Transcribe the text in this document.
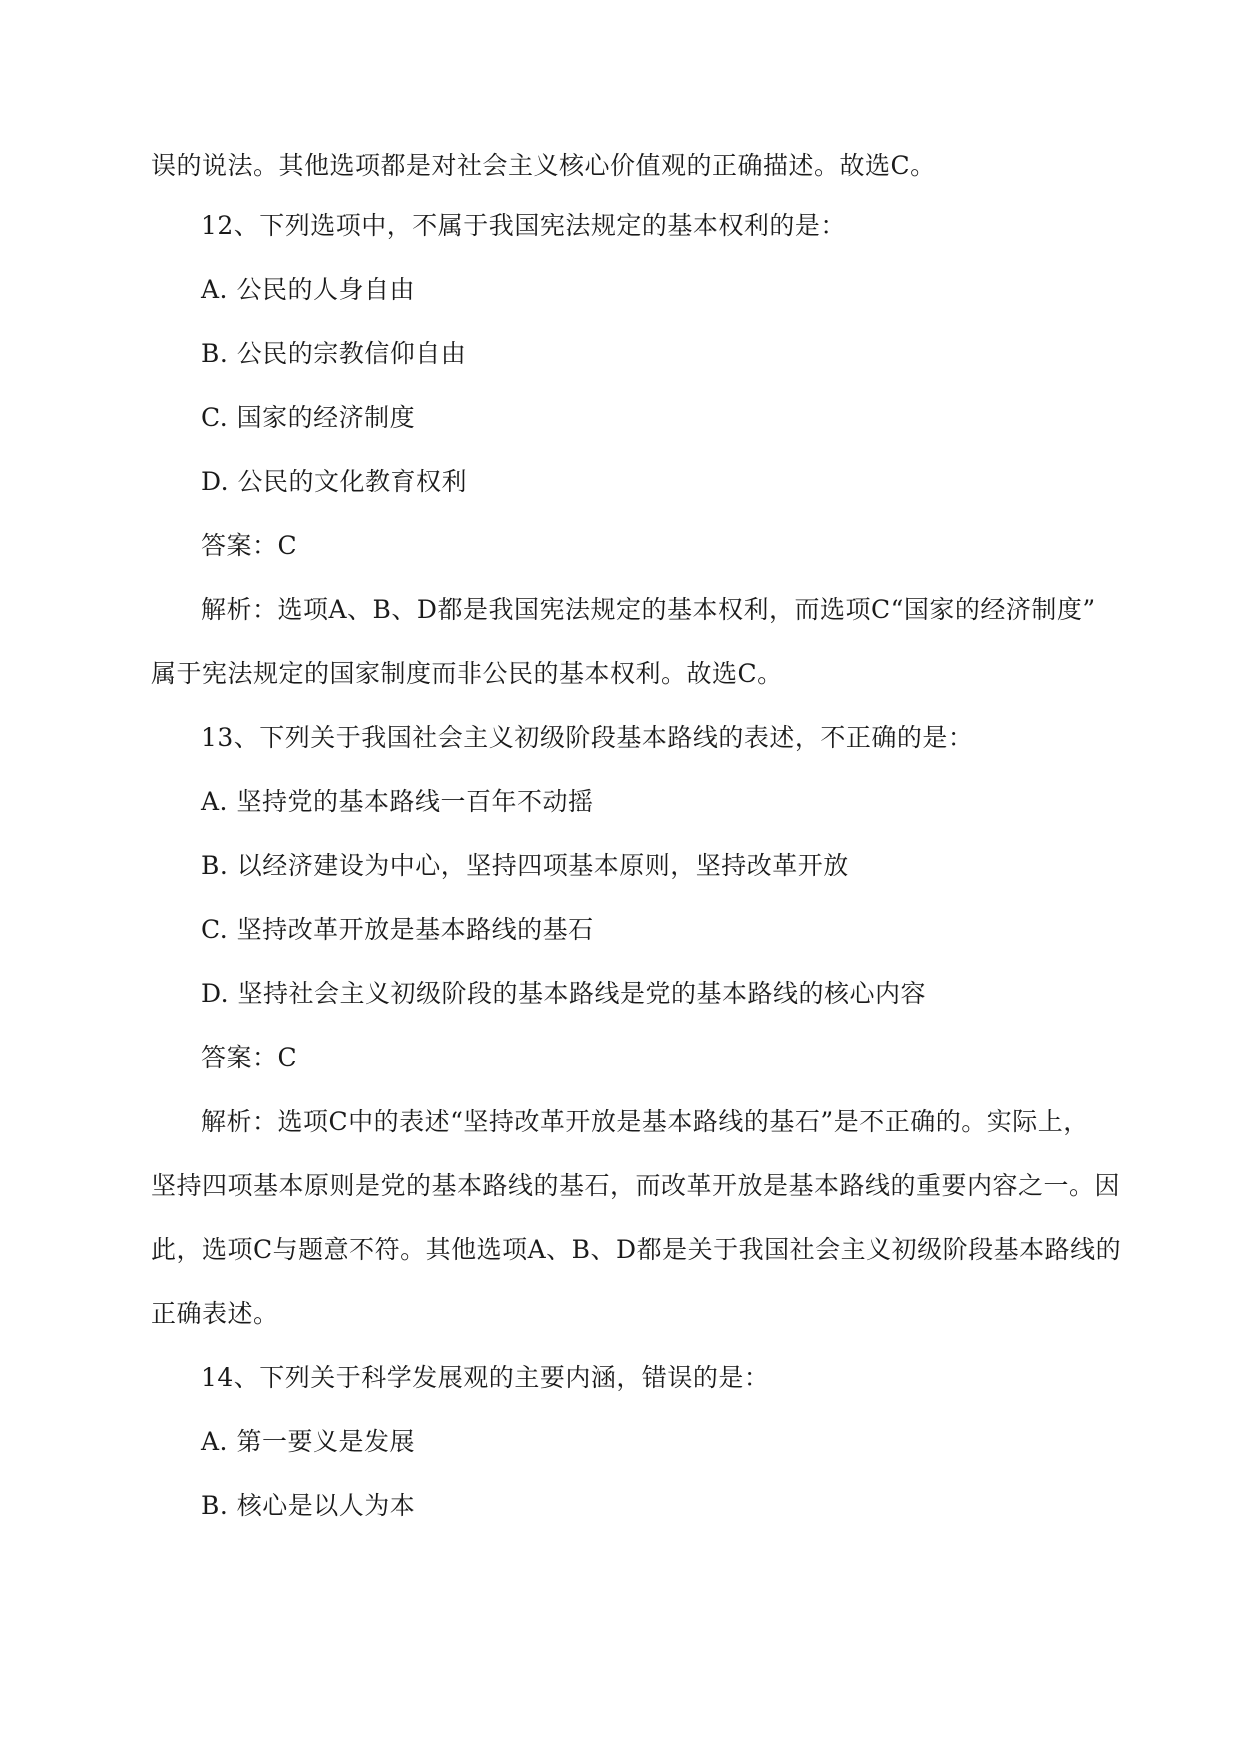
误的说法。其他选项都是对社会主义核心价值观的正确描述。故选C。
12、下列选项中，不属于我国宪法规定的基本权利的是：
A. 公民的人身自由
B. 公民的宗教信仰自由
C. 国家的经济制度
D. 公民的文化教育权利
答案：C
解析：选项A、B、D都是我国宪法规定的基本权利，而选项C“国家的经济制度”
属于宪法规定的国家制度而非公民的基本权利。故选C。
13、下列关于我国社会主义初级阶段基本路线的表述，不正确的是：
A. 坚持党的基本路线一百年不动摇
B. 以经济建设为中心，坚持四项基本原则，坚持改革开放
C. 坚持改革开放是基本路线的基石
D. 坚持社会主义初级阶段的基本路线是党的基本路线的核心内容
答案：C
解析：选项C中的表述“坚持改革开放是基本路线的基石”是不正确的。实际上，
坚持四项基本原则是党的基本路线的基石，而改革开放是基本路线的重要内容之一。因
此，选项C与题意不符。其他选项A、B、D都是关于我国社会主义初级阶段基本路线的
正确表述。
14、下列关于科学发展观的主要内涵，错误的是：
A. 第一要义是发展
B. 核心是以人为本
